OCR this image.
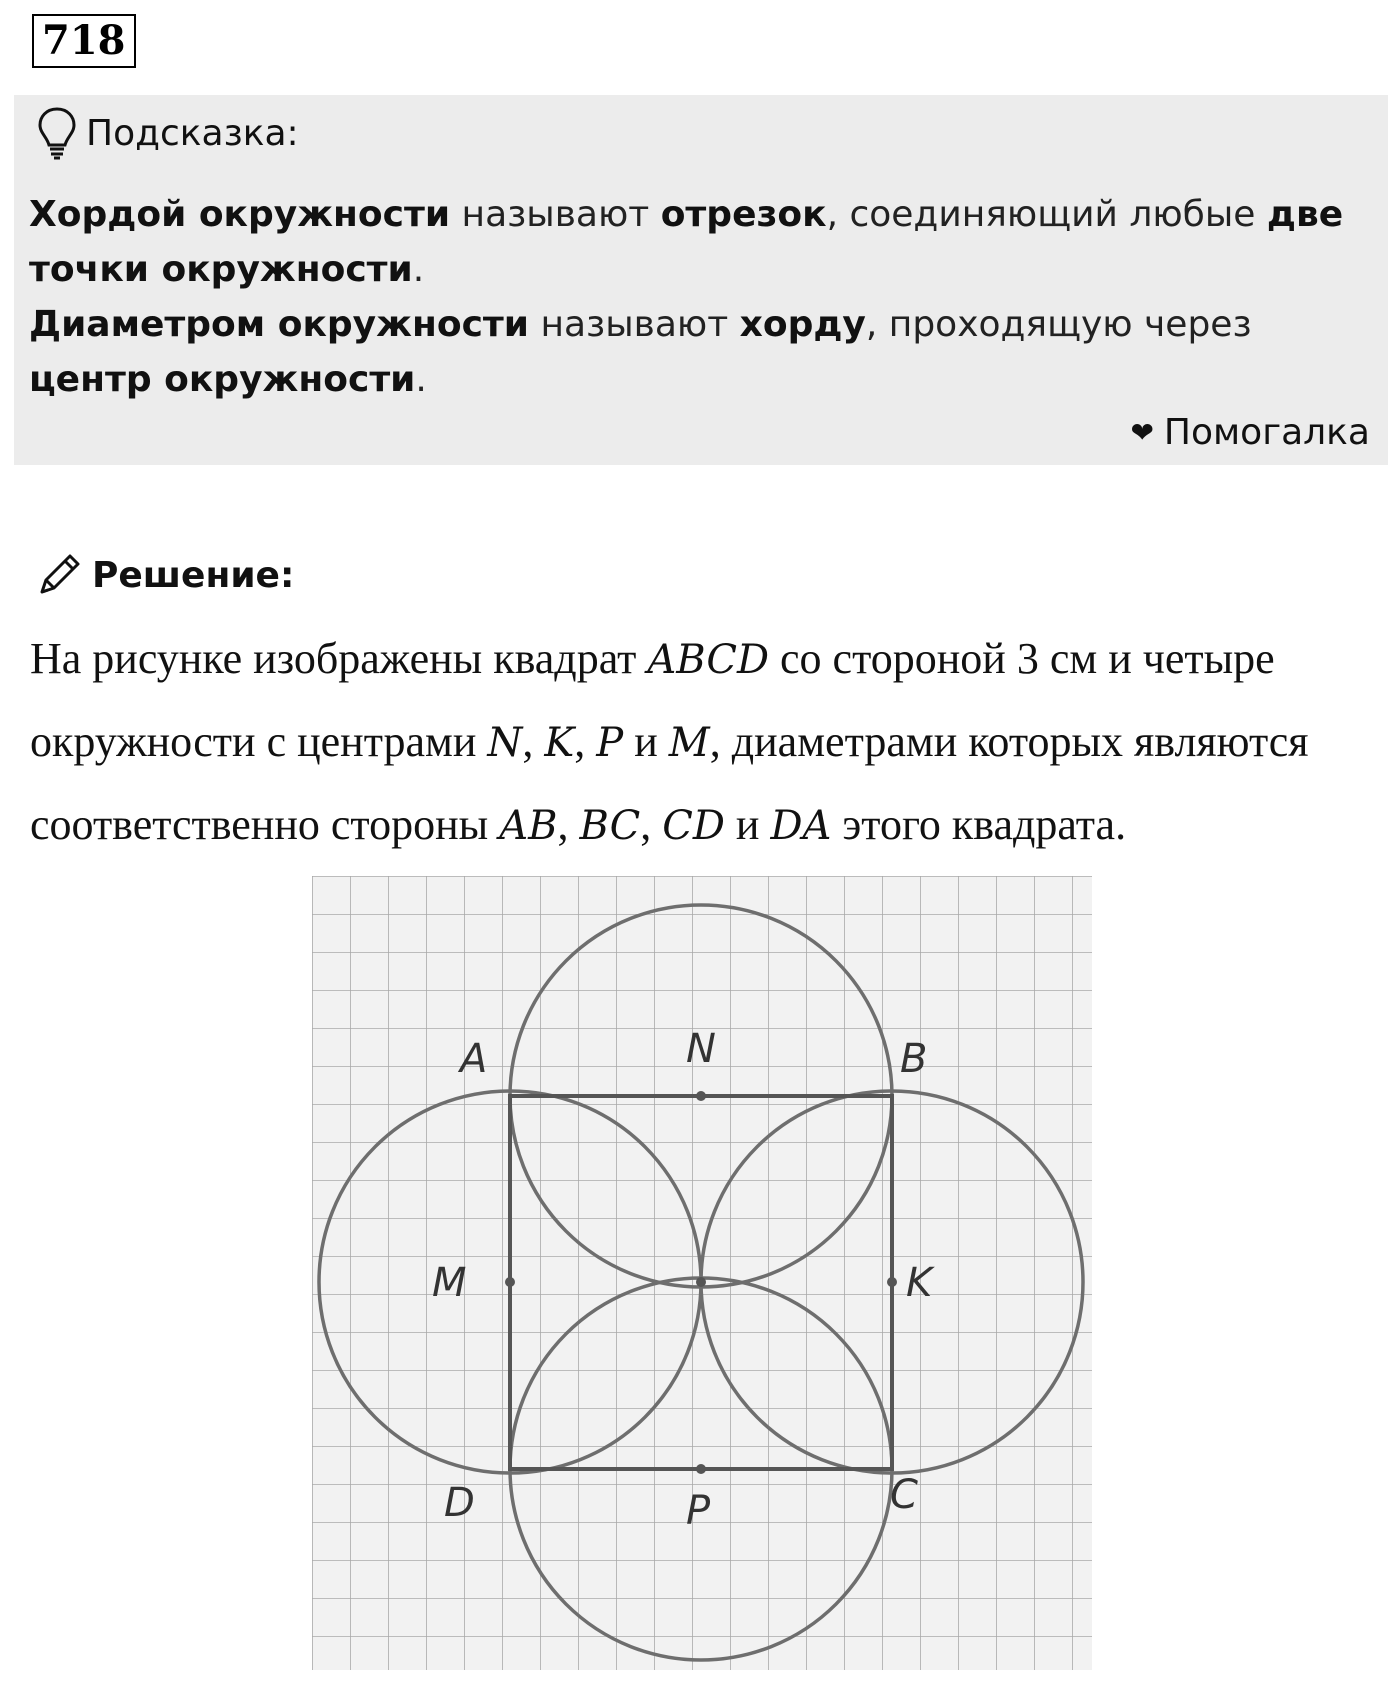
718
Подсказка:

Хордой окружности называют отрезок, соединяющий любые две точки окружности.

Диаметром окружности называют хорду, проходящую через центр окружности.

❤ Помогалка
Решение:
На рисунке изображены квадрат ABCD со стороной 3 см и четыре окружности с центрами N, K, P и M, диаметрами которых являются соответственно стороны AB, BC, CD и DA этого квадрата.
A	B
N
M	K
D	P	C
